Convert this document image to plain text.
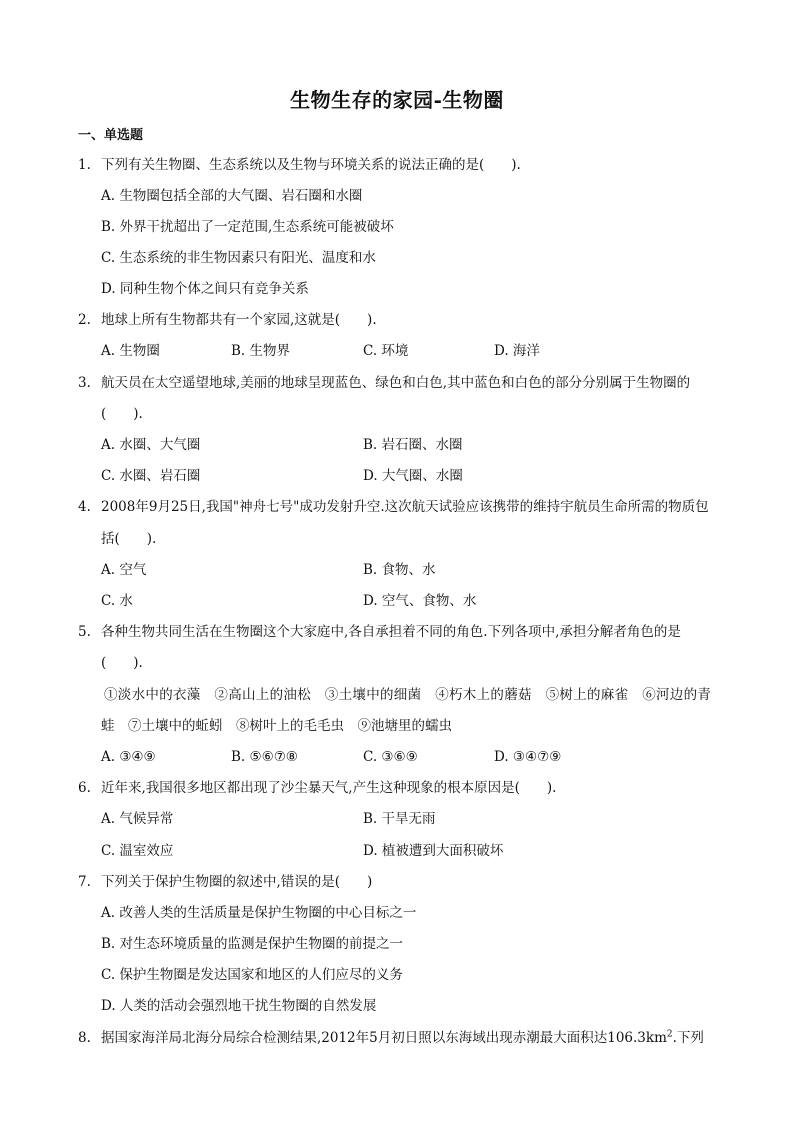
生物生存的家园-生物圈
一、单选题
1. 下列有关生物圈、生态系统以及生物与环境关系的说法正确的是(　　).
A. 生物圈包括全部的大气圈、岩石圈和水圈
B. 外界干扰超出了一定范围,生态系统可能被破坏
C. 生态系统的非生物因素只有阳光、温度和水
D. 同种生物个体之间只有竞争关系
2. 地球上所有生物都共有一个家园,这就是(　　).
A. 生物圈	B. 生物界	C. 环境	D. 海洋
3. 航天员在太空遥望地球,美丽的地球呈现蓝色、绿色和白色,其中蓝色和白色的部分分别属于生物圈的
(　　).
A. 水圈、大气圈	B. 岩石圈、水圈
C. 水圈、岩石圈	D. 大气圈、水圈
4. 2008年9月25日,我国"神舟七号"成功发射升空.这次航天试验应该携带的维持宇航员生命所需的物质包
括(　　).
A. 空气	B. 食物、水
C. 水	D. 空气、食物、水
5. 各种生物共同生活在生物圈这个大家庭中,各自承担着不同的角色.下列各项中,承担分解者角色的是
(　　).
①淡水中的衣藻　②高山上的油松　③土壤中的细菌　④朽木上的蘑菇　⑤树上的麻雀　⑥河边的青
蛙　⑦土壤中的蚯蚓　⑧树叶上的毛毛虫　⑨池塘里的蠕虫
A. ③④⑨	B. ⑤⑥⑦⑧	C. ③⑥⑨	D. ③④⑦⑨
6. 近年来,我国很多地区都出现了沙尘暴天气,产生这种现象的根本原因是(　　).
A. 气候异常	B. 干旱无雨
C. 温室效应	D. 植被遭到大面积破坏
7. 下列关于保护生物圈的叙述中,错误的是(　　)
A. 改善人类的生活质量是保护生物圈的中心目标之一
B. 对生态环境质量的监测是保护生物圈的前提之一
C. 保护生物圈是发达国家和地区的人们应尽的义务
D. 人类的活动会强烈地干扰生物圈的自然发展
8. 据国家海洋局北海分局综合检测结果,2012年5月初日照以东海域出现赤潮最大面积达$106.3km^2$.下列
